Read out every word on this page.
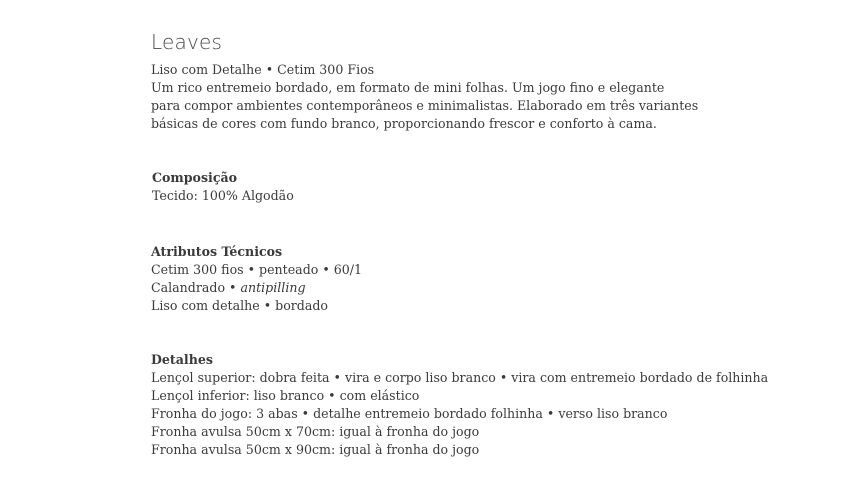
Leaves
Liso com Detalhe • Cetim 300 Fios
Um rico entremeio bordado, em formato de mini folhas. Um jogo fino e elegante
para compor ambientes contemporâneos e minimalistas. Elaborado em três variantes
básicas de cores com fundo branco, proporcionando frescor e conforto à cama.
Composição
Tecido: 100% Algodão
Atributos Técnicos
Cetim 300 fios • penteado • 60/1
Calandrado • antipilling
Liso com detalhe • bordado
Detalhes
Lençol superior: dobra feita • vira e corpo liso branco • vira com entremeio bordado de folhinha
Lençol inferior: liso branco • com elástico
Fronha do jogo: 3 abas • detalhe entremeio bordado folhinha • verso liso branco
Fronha avulsa 50cm x 70cm: igual à fronha do jogo
Fronha avulsa 50cm x 90cm: igual à fronha do jogo
